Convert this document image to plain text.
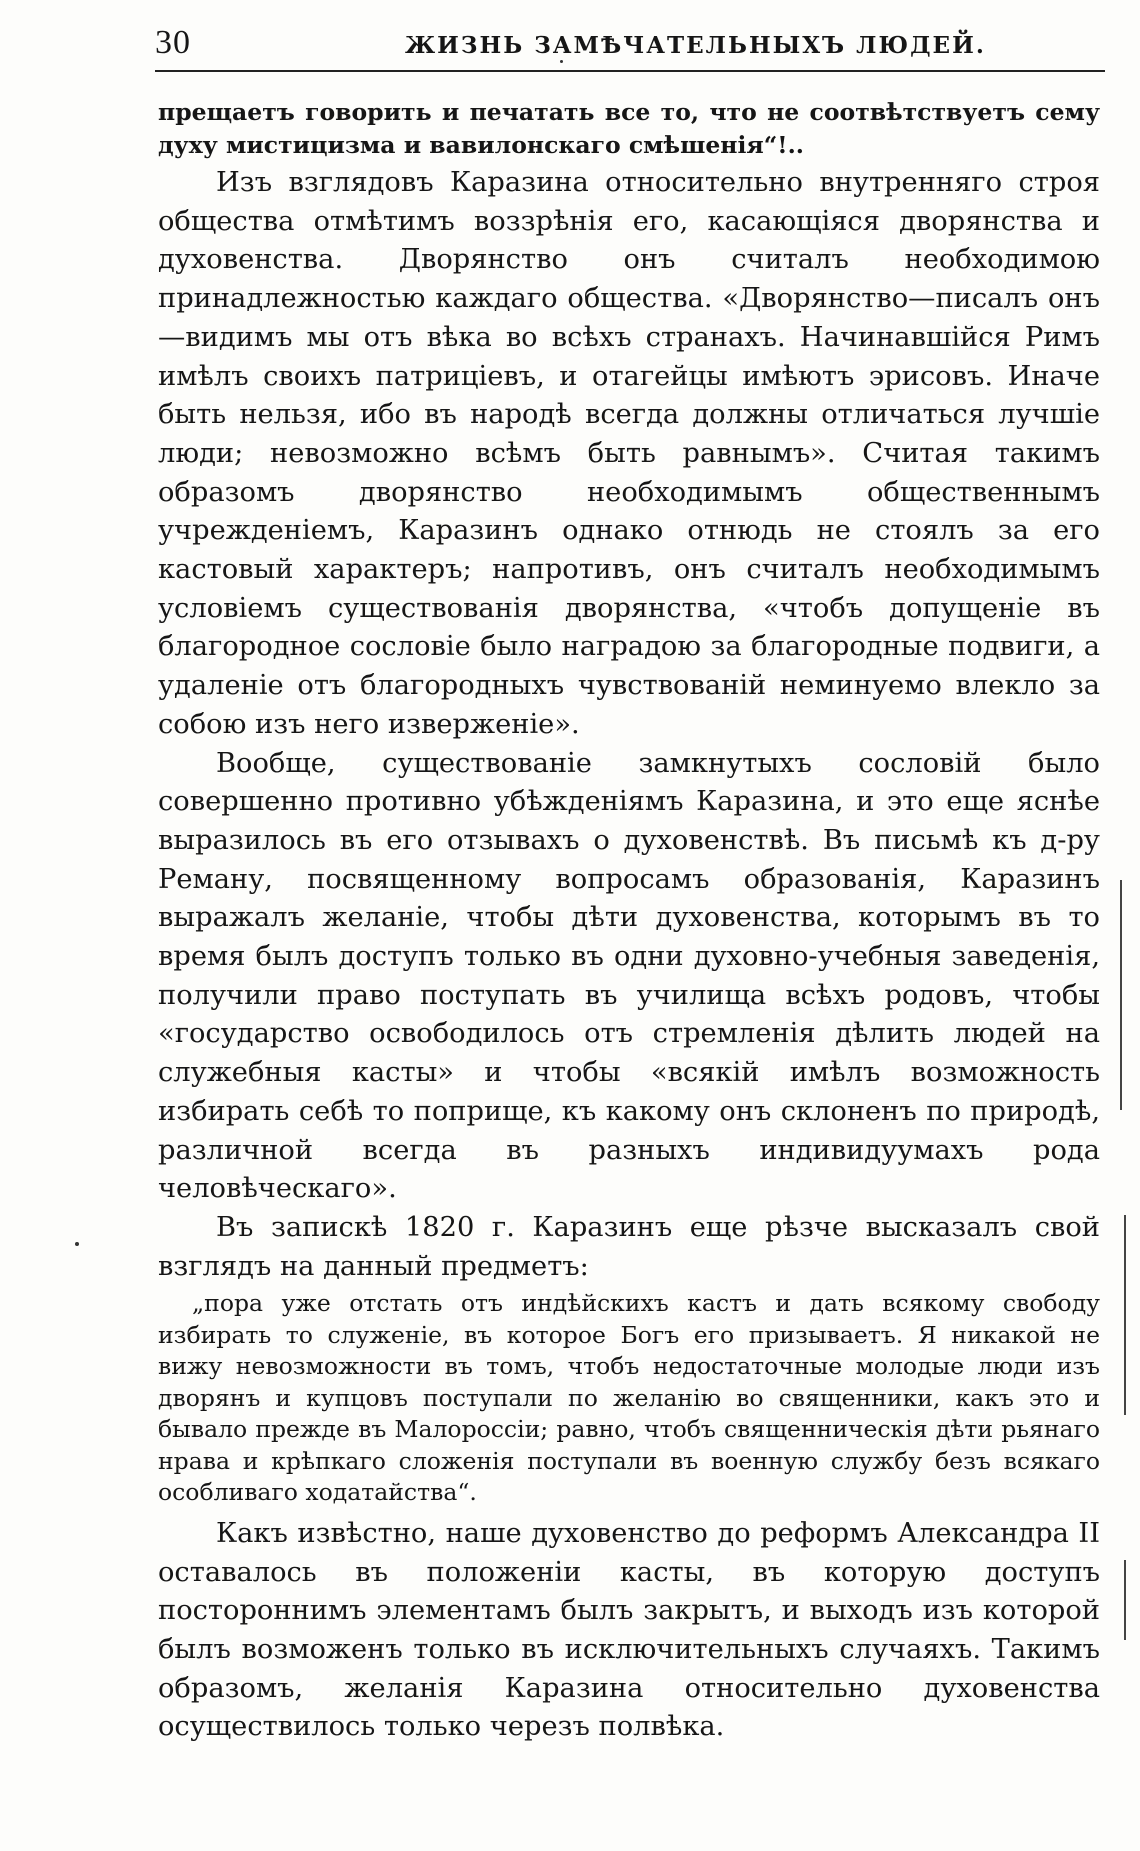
30	ЖИЗНЬ ЗАМѢЧАТЕЛЬНЫХЪ ЛЮДЕЙ.

прещаетъ говорить и печатать все то, что не соотвѣтствуетъ сему духу мистицизма и вавилонскаго смѣшенія“!..

Изъ взглядовъ Каразина относительно внутренняго строя общества отмѣтимъ воззрѣнія его, касающіяся дворянства и духовенства. Дворянство онъ считалъ необходимою принадлежностью каждаго общества. «Дворянство—писалъ онъ—видимъ мы отъ вѣка во всѣхъ странахъ. Начинавшійся Римъ имѣлъ своихъ патриціевъ, и отагейцы имѣютъ эрисовъ. Иначе быть нельзя, ибо въ народѣ всегда должны отличаться лучшіе люди; невозможно всѣмъ быть равнымъ». Считая такимъ образомъ дворянство необходимымъ общественнымъ учрежденіемъ, Каразинъ однако отнюдь не стоялъ за его кастовый характеръ; напротивъ, онъ считалъ необходимымъ условіемъ существованія дворянства, «чтобъ допущеніе въ благородное сословіе было наградою за благородные подвиги, а удаленіе отъ благородныхъ чувствованій неминуемо влекло за собою изъ него изверженіе».

Вообще, существованіе замкнутыхъ сословій было совершенно противно убѣжденіямъ Каразина, и это еще яснѣе выразилось въ его отзывахъ о духовенствѣ. Въ письмѣ къ д-ру Реману, посвященному вопросамъ образованія, Каразинъ выражалъ желаніе, чтобы дѣти духовенства, которымъ въ то время былъ доступъ только въ одни духовно-учебныя заведенія, получили право поступать въ училища всѣхъ родовъ, чтобы «государство освободилось отъ стремленія дѣлить людей на служебныя касты» и чтобы «всякій имѣлъ возможность избирать себѣ то поприще, къ какому онъ склоненъ по природѣ, различной всегда въ разныхъ индивидуумахъ рода человѣческаго».

Въ запискѣ 1820 г. Каразинъ еще рѣзче высказалъ свой взглядъ на данный предметъ:

„пора уже отстать отъ индѣйскихъ кастъ и дать всякому свободу избирать то служеніе, въ которое Богъ его призываетъ. Я никакой не вижу невозможности въ томъ, чтобъ недостаточные молодые люди изъ дворянъ и купцовъ поступали по желанію во священники, какъ это и бывало прежде въ Малороссіи; равно, чтобъ священническія дѣти рьянаго нрава и крѣпкаго сложенія поступали въ военную службу безъ всякаго особливаго ходатайства“.

Какъ извѣстно, наше духовенство до реформъ Александра II оставалось въ положеніи касты, въ которую доступъ постороннимъ элементамъ былъ закрытъ, и выходъ изъ которой былъ возможенъ только въ исключительныхъ случаяхъ. Такимъ образомъ, желанія Каразина относительно духовенства осуществилось только черезъ полвѣка.
